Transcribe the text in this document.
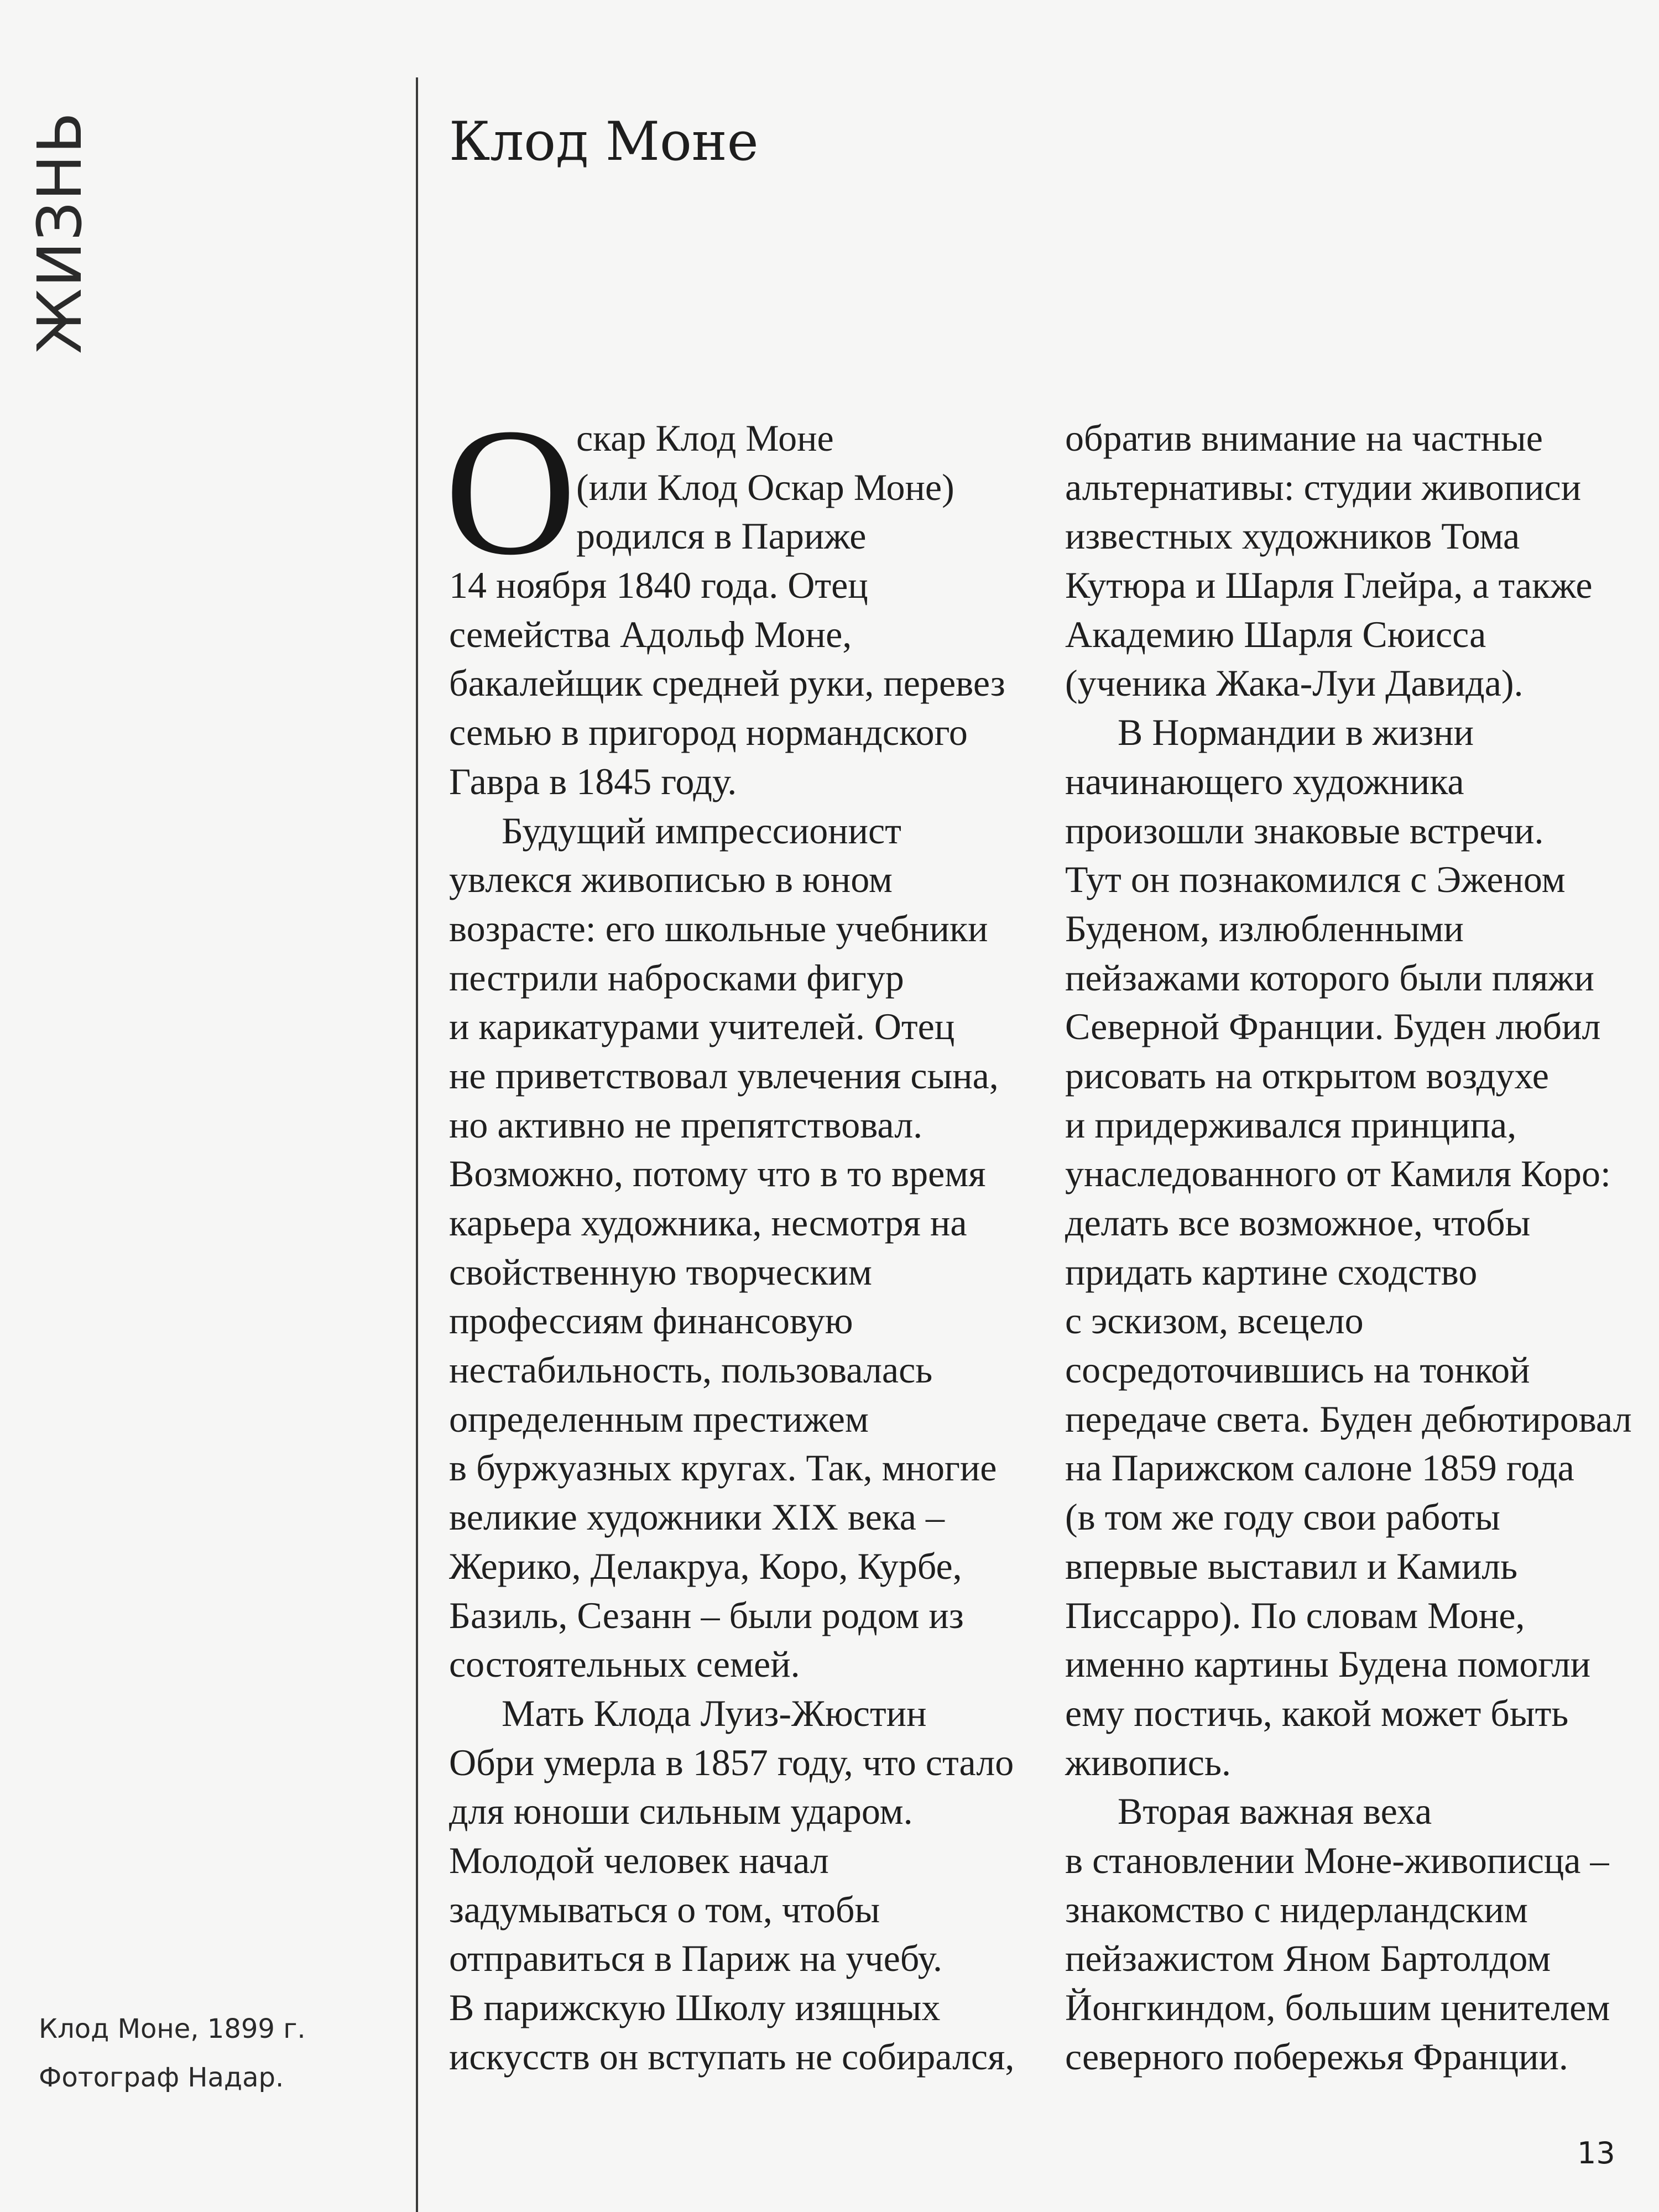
ЖИЗНЬ	Клод Моне
О скар Клод Моне
(или Клод Оскар Моне)
родился в Париже
14 ноября 1840 года. Отец
семейства Адольф Моне,
бакалейщик средней руки, перевез
семью в пригород нормандского
Гавра в 1845 году.
Будущий импрессионист
увлекся живописью в юном
возрасте: его школьные учебники
пестрили набросками фигур
и карикатурами учителей. Отец
не приветствовал увлечения сына,
но активно не препятствовал.
Возможно, потому что в то время
карьера художника, несмотря на
свойственную творческим
профессиям финансовую
нестабильность, пользовалась
определенным престижем
в буржуазных кругах. Так, многие
великие художники XIX века –
Жерико, Делакруа, Коро, Курбе,
Базиль, Сезанн – были родом из
состоятельных семей.
Мать Клода Луиз-Жюстин
Обри умерла в 1857 году, что стало
для юноши сильным ударом.
Молодой человек начал
задумываться о том, чтобы
отправиться в Париж на учебу.
В парижскую Школу изящных
искусств он вступать не собирался,
обратив внимание на частные
альтернативы: студии живописи
известных художников Тома
Кутюра и Шарля Глейра, а также
Академию Шарля Сюисса
(ученика Жака-Луи Давида).
В Нормандии в жизни
начинающего художника
произошли знаковые встречи.
Тут он познакомился с Эженом
Буденом, излюбленными
пейзажами которого были пляжи
Северной Франции. Буден любил
рисовать на открытом воздухе
и придерживался принципа,
унаследованного от Камиля Коро:
делать все возможное, чтобы
придать картине сходство
с эскизом, всецело
сосредоточившись на тонкой
передаче света. Буден дебютировал
на Парижском салоне 1859 года
(в том же году свои работы
впервые выставил и Камиль
Писсарро). По словам Моне,
именно картины Будена помогли
ему постичь, какой может быть
живопись.
Вторая важная веха
в становлении Моне-живописца –
знакомство с нидерландским
пейзажистом Яном Бартолдом
Йонгкиндом, большим ценителем
северного побережья Франции.
Клод Моне, 1899 г.
Фотограф Надар.
13
